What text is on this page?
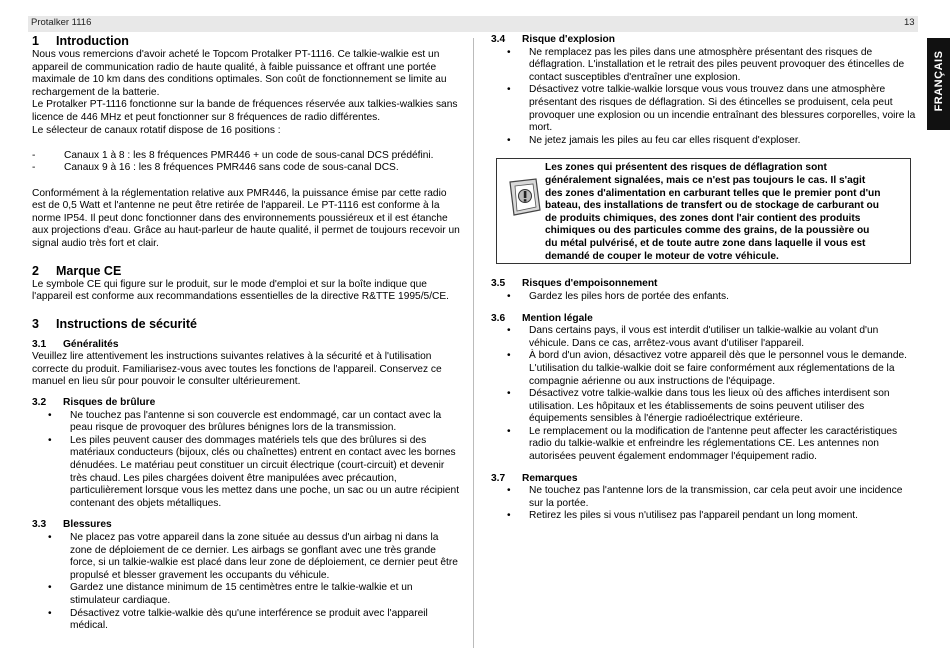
Protalker 1116	13
FRANÇAIS
1 Introduction

Nous vous remercions d'avoir acheté le Topcom Protalker PT-1116. Ce talkie-walkie est un appareil de communication radio de haute qualité, à faible puissance et offrant une portée maximale de 10 km dans des conditions optimales. Son coût de fonctionnement se limite au rechargement de la batterie.

Le Protalker PT-1116 fonctionne sur la bande de fréquences réservée aux talkies-walkies sans licence de 446 MHz et peut fonctionner sur 8 fréquences de radio différentes.

Le sélecteur de canaux rotatif dispose de 16 positions :

-	Canaux 1 à 8 : les 8 fréquences PMR446 + un code de sous-canal DCS prédéfini.
-	Canaux 9 à 16 : les 8 fréquences PMR446 sans code de sous-canal DCS.

Conformément à la réglementation relative aux PMR446, la puissance émise par cette radio est de 0,5 Watt et l'antenne ne peut être retirée de l'appareil. Le PT-1116 est conforme à la norme IP54. Il peut donc fonctionner dans des environnements poussiéreux et il est étanche aux projections d'eau. Grâce au haut-parleur de haute qualité, il permet de toujours recevoir un signal audio très fort et clair.

2 Marque CE

Le symbole CE qui figure sur le produit, sur le mode d'emploi et sur la boîte indique que l'appareil est conforme aux recommandations essentielles de la directive R&TTE 1995/5/CE.

3 Instructions de sécurité
3.1 Généralités

Veuillez lire attentivement les instructions suivantes relatives à la sécurité et à l'utilisation correcte du produit. Familiarisez-vous avec toutes les fonctions de l'appareil. Conservez ce manuel en lieu sûr pour pouvoir le consulter ultérieurement.

3.2 Risques de brûlure
• Ne touchez pas l'antenne si son couvercle est endommagé, car un contact avec la peau risque de provoquer des brûlures bénignes lors de la transmission.
• Les piles peuvent causer des dommages matériels tels que des brûlures si des matériaux conducteurs (bijoux, clés ou chaînettes) entrent en contact avec les bornes dénudées. Le matériau peut constituer un circuit électrique (court-circuit) et devenir très chaud. Les piles chargées doivent être manipulées avec précaution, particulièrement lorsque vous les mettez dans une poche, un sac ou un autre récipient contenant des objets métalliques.
3.3 Blessures
• Ne placez pas votre appareil dans la zone située au dessus d'un airbag ni dans la zone de déploiement de ce dernier. Les airbags se gonflant avec une très grande force, si un talkie-walkie est placé dans leur zone de déploiement, ce dernier peut être propulsé et blesser gravement les occupants du véhicule.
• Gardez une distance minimum de 15 centimètres entre le talkie-walkie et un stimulateur cardiaque.
• Désactivez votre talkie-walkie dès qu'une interférence se produit avec l'appareil médical.
3.4 Risque d'explosion
• Ne remplacez pas les piles dans une atmosphère présentant des risques de déflagration. L'installation et le retrait des piles peuvent provoquer des étincelles de contact susceptibles d'entraîner une explosion.
• Désactivez votre talkie-walkie lorsque vous vous trouvez dans une atmosphère présentant des risques de déflagration. Si des étincelles se produisent, cela peut provoquer une explosion ou un incendie entraînant des blessures corporelles, voire la mort.
• Ne jetez jamais les piles au feu car elles risquent d'exploser.
Les zones qui présentent des risques de déflagration sont généralement signalées, mais ce n'est pas toujours le cas. Il s'agit des zones d'alimentation en carburant telles que le premier pont d'un bateau, des installations de transfert ou de stockage de carburant ou de produits chimiques, des zones dont l'air contient des produits chimiques ou des particules comme des grains, de la poussière ou du métal pulvérisé, et de toute autre zone dans laquelle il vous est demandé de couper le moteur de votre véhicule.
3.5 Risques d'empoisonnement
• Gardez les piles hors de portée des enfants.
3.6 Mention légale
• Dans certains pays, il vous est interdit d'utiliser un talkie-walkie au volant d'un véhicule. Dans ce cas, arrêtez-vous avant d'utiliser l'appareil.
• À bord d'un avion, désactivez votre appareil dès que le personnel vous le demande. L'utilisation du talkie-walkie doit se faire conformément aux réglementations de la compagnie aérienne ou aux instructions de l'équipage.
• Désactivez votre talkie-walkie dans tous les lieux où des affiches interdisent son utilisation. Les hôpitaux et les établissements de soins peuvent utiliser des équipements sensibles à l'énergie radioélectrique extérieure.
• Le remplacement ou la modification de l'antenne peut affecter les caractéristiques radio du talkie-walkie et enfreindre les réglementations CE. Les antennes non autorisées peuvent également endommager l'équipement radio.
3.7 Remarques
• Ne touchez pas l'antenne lors de la transmission, car cela peut avoir une incidence sur la portée.
• Retirez les piles si vous n'utilisez pas l'appareil pendant un long moment.
